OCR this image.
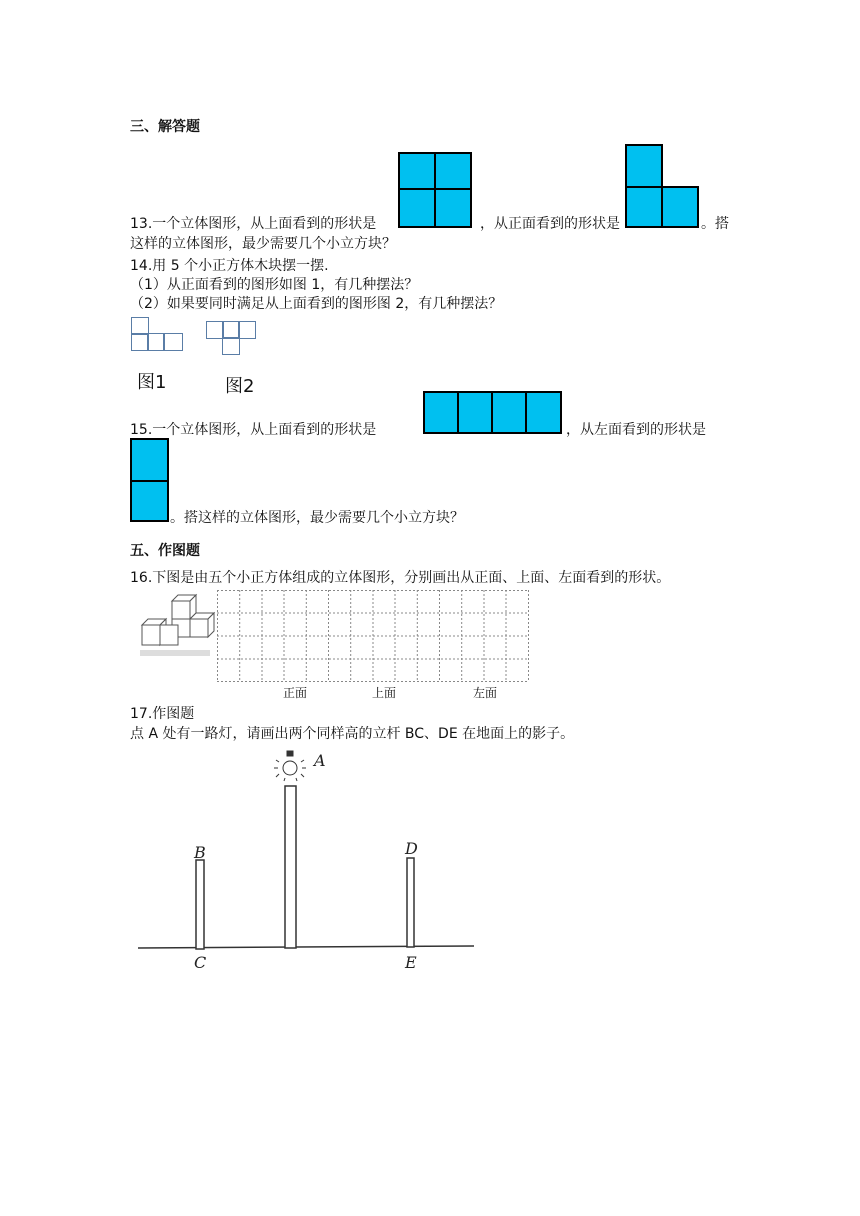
三、解答题
13.一个立体图形，从上面看到的形状是	，从正面看到的形状是	。搭
这样的立体图形，最少需要几个小立方块？
14.用 5 个小正方体木块摆一摆.
（1）从正面看到的图形如图 1，有几种摆法？
（2）如果要同时满足从上面看到的图形图 2，有几种摆法？
图1	图2
15.一个立体图形，从上面看到的形状是	，从左面看到的形状是
。搭这样的立体图形，最少需要几个小立方块？
五、作图题
16.下图是由五个小正方体组成的立体图形，分别画出从正面、上面、左面看到的形状。
正面	上面	左面
17.作图题
点 A 处有一路灯，请画出两个同样高的立杆 BC、DE 在地面上的影子。
A
B
C
D
E
